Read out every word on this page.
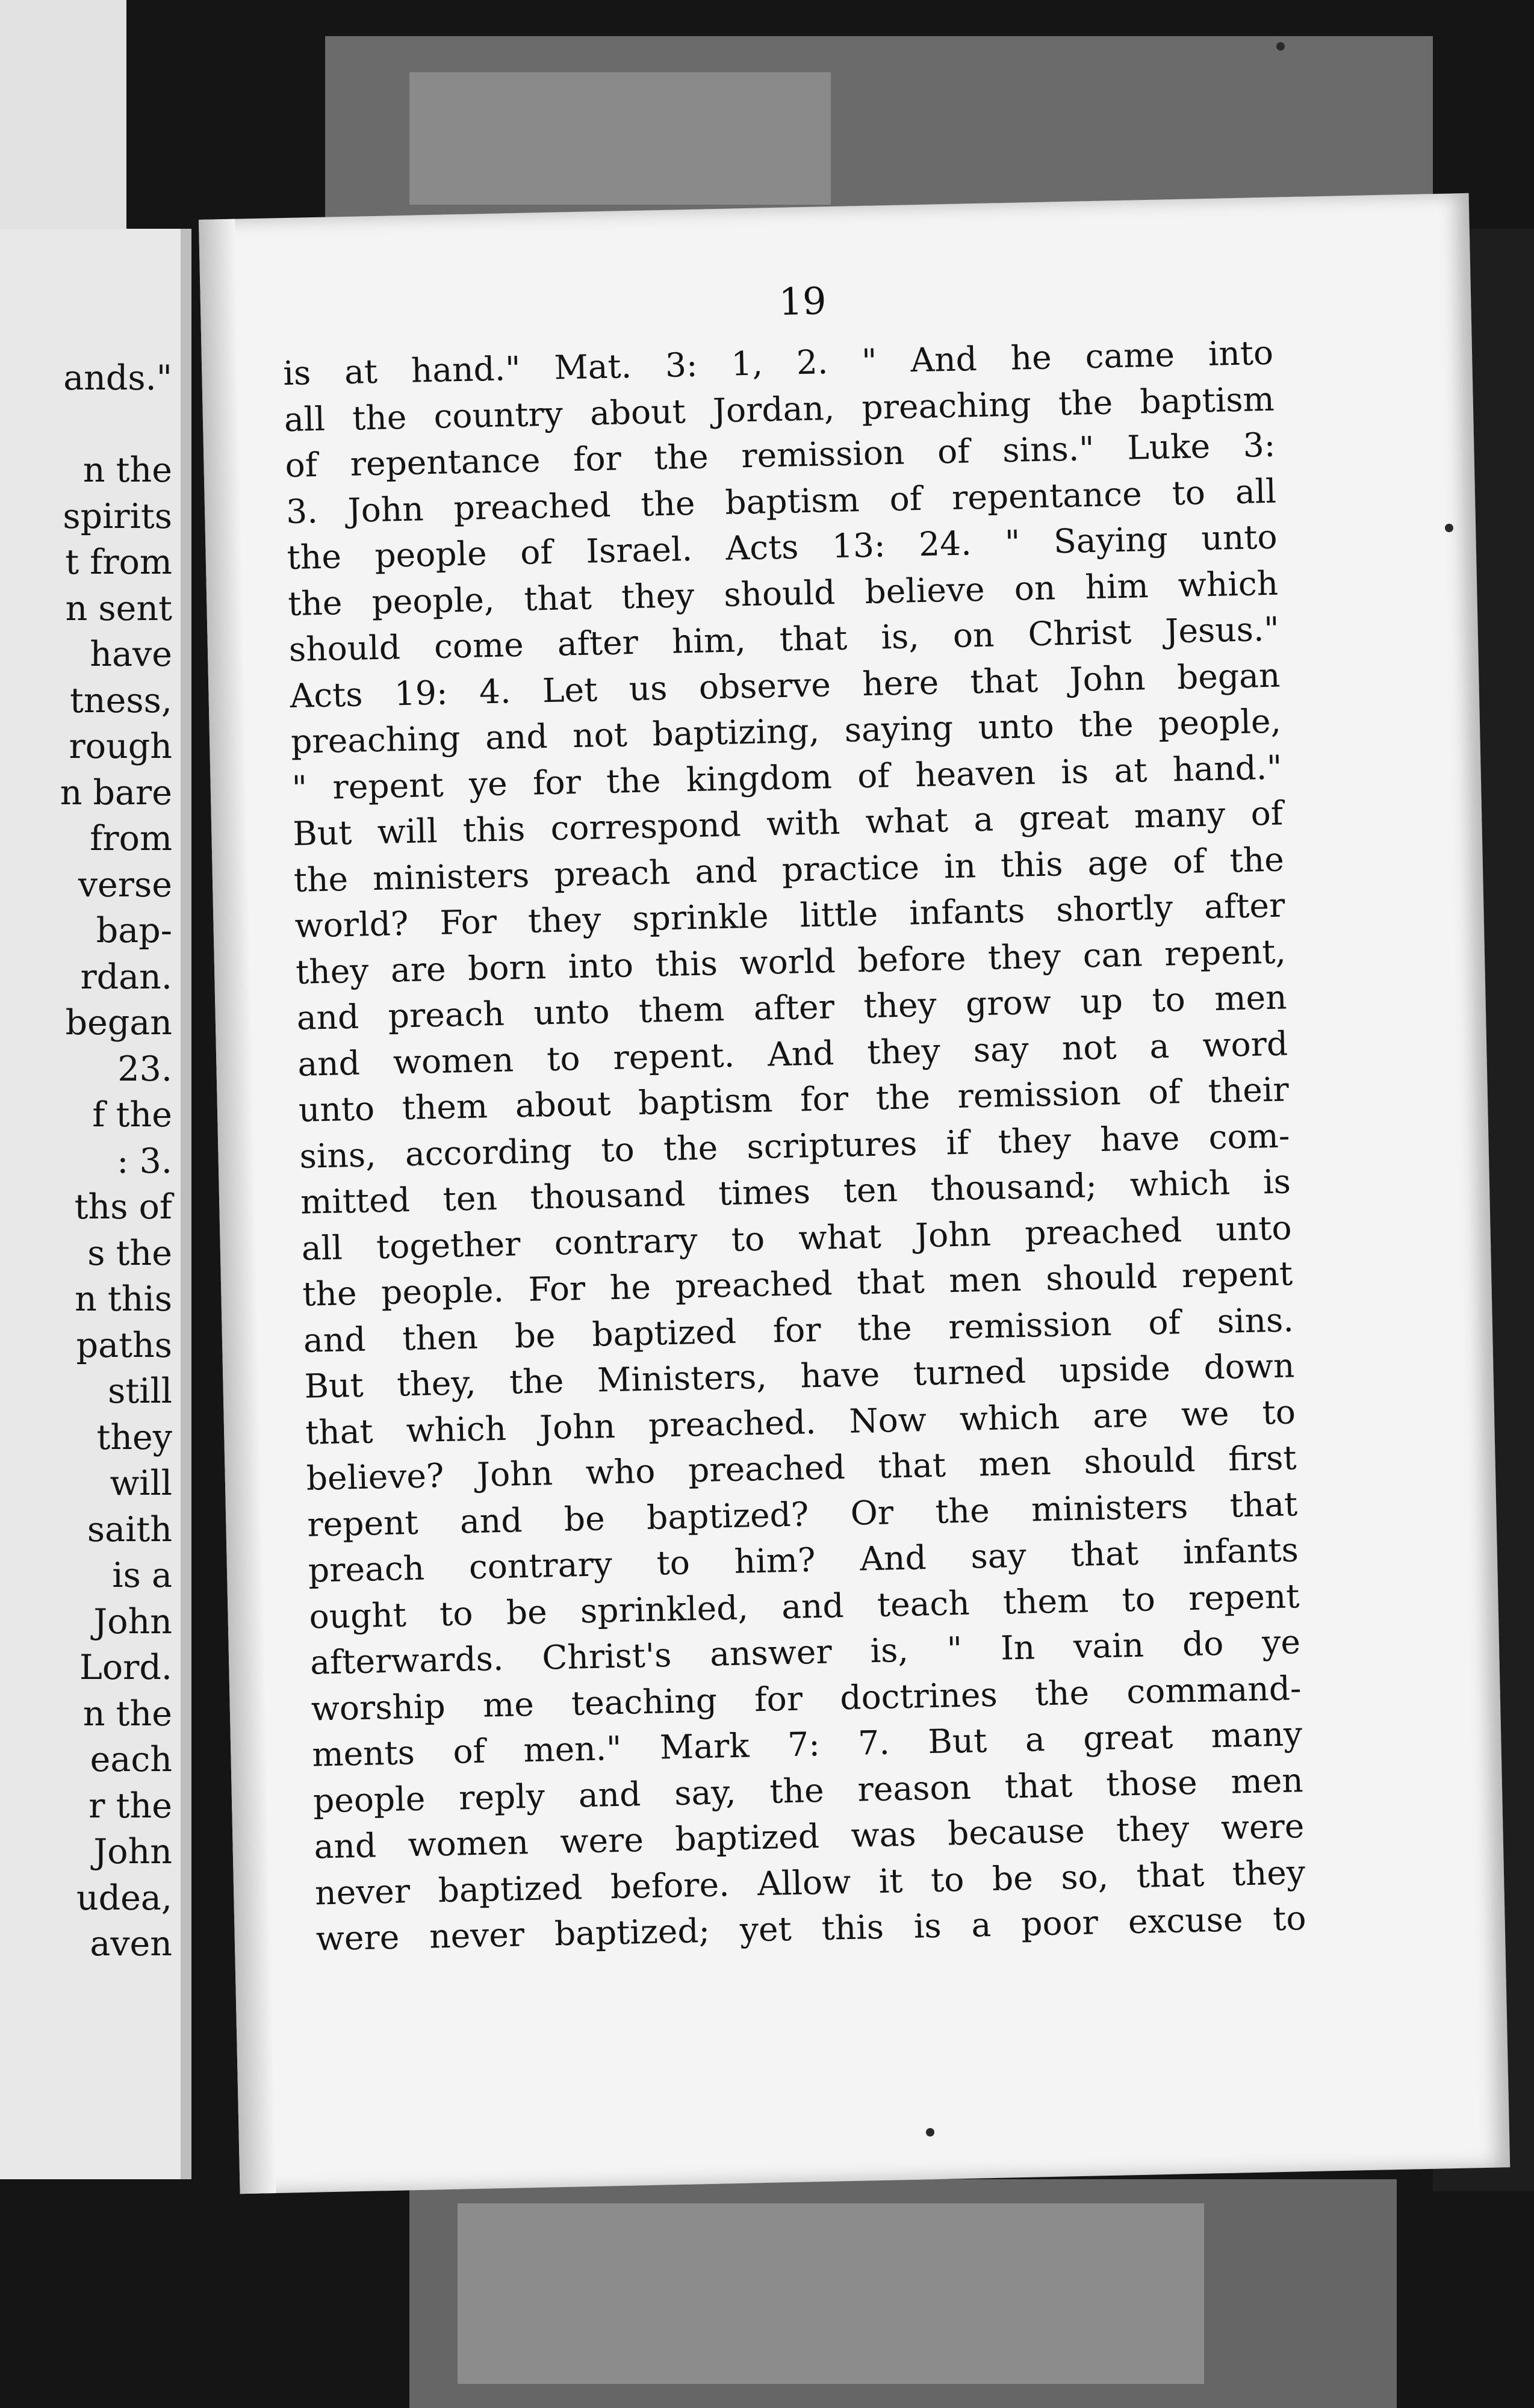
ands."
n the
spirits
t from
n sent
have
tness,
rough
n bare
from
verse
bap-
rdan.
began
23.
f the
: 3.
ths of
s the
n this
paths
still
they
will
saith
is a
John
Lord.
n the
each
r the
John
udea,
aven
19
is at hand." Mat. 3: 1, 2. " And he came into
all the country about Jordan, preaching the baptism
of repentance for the remission of sins." Luke 3:
3. John preached the baptism of repentance to all
the people of Israel. Acts 13: 24. " Saying unto
the people, that they should believe on him which
should come after him, that is, on Christ Jesus."
Acts 19: 4. Let us observe here that John began
preaching and not baptizing, saying unto the people,
" repent ye for the kingdom of heaven is at hand."
But will this correspond with what a great many of
the ministers preach and practice in this age of the
world? For they sprinkle little infants shortly after
they are born into this world before they can repent,
and preach unto them after they grow up to men
and women to repent. And they say not a word
unto them about baptism for the remission of their
sins, according to the scriptures if they have com-
mitted ten thousand times ten thousand; which is
all together contrary to what John preached unto
the people. For he preached that men should repent
and then be baptized for the remission of sins.
But they, the Ministers, have turned upside down
that which John preached. Now which are we to
believe? John who preached that men should first
repent and be baptized? Or the ministers that
preach contrary to him? And say that infants
ought to be sprinkled, and teach them to repent
afterwards. Christ's answer is, " In vain do ye
worship me teaching for doctrines the command-
ments of men." Mark 7: 7. But a great many
people reply and say, the reason that those men
and women were baptized was because they were
never baptized before. Allow it to be so, that they
were never baptized; yet this is a poor excuse to
